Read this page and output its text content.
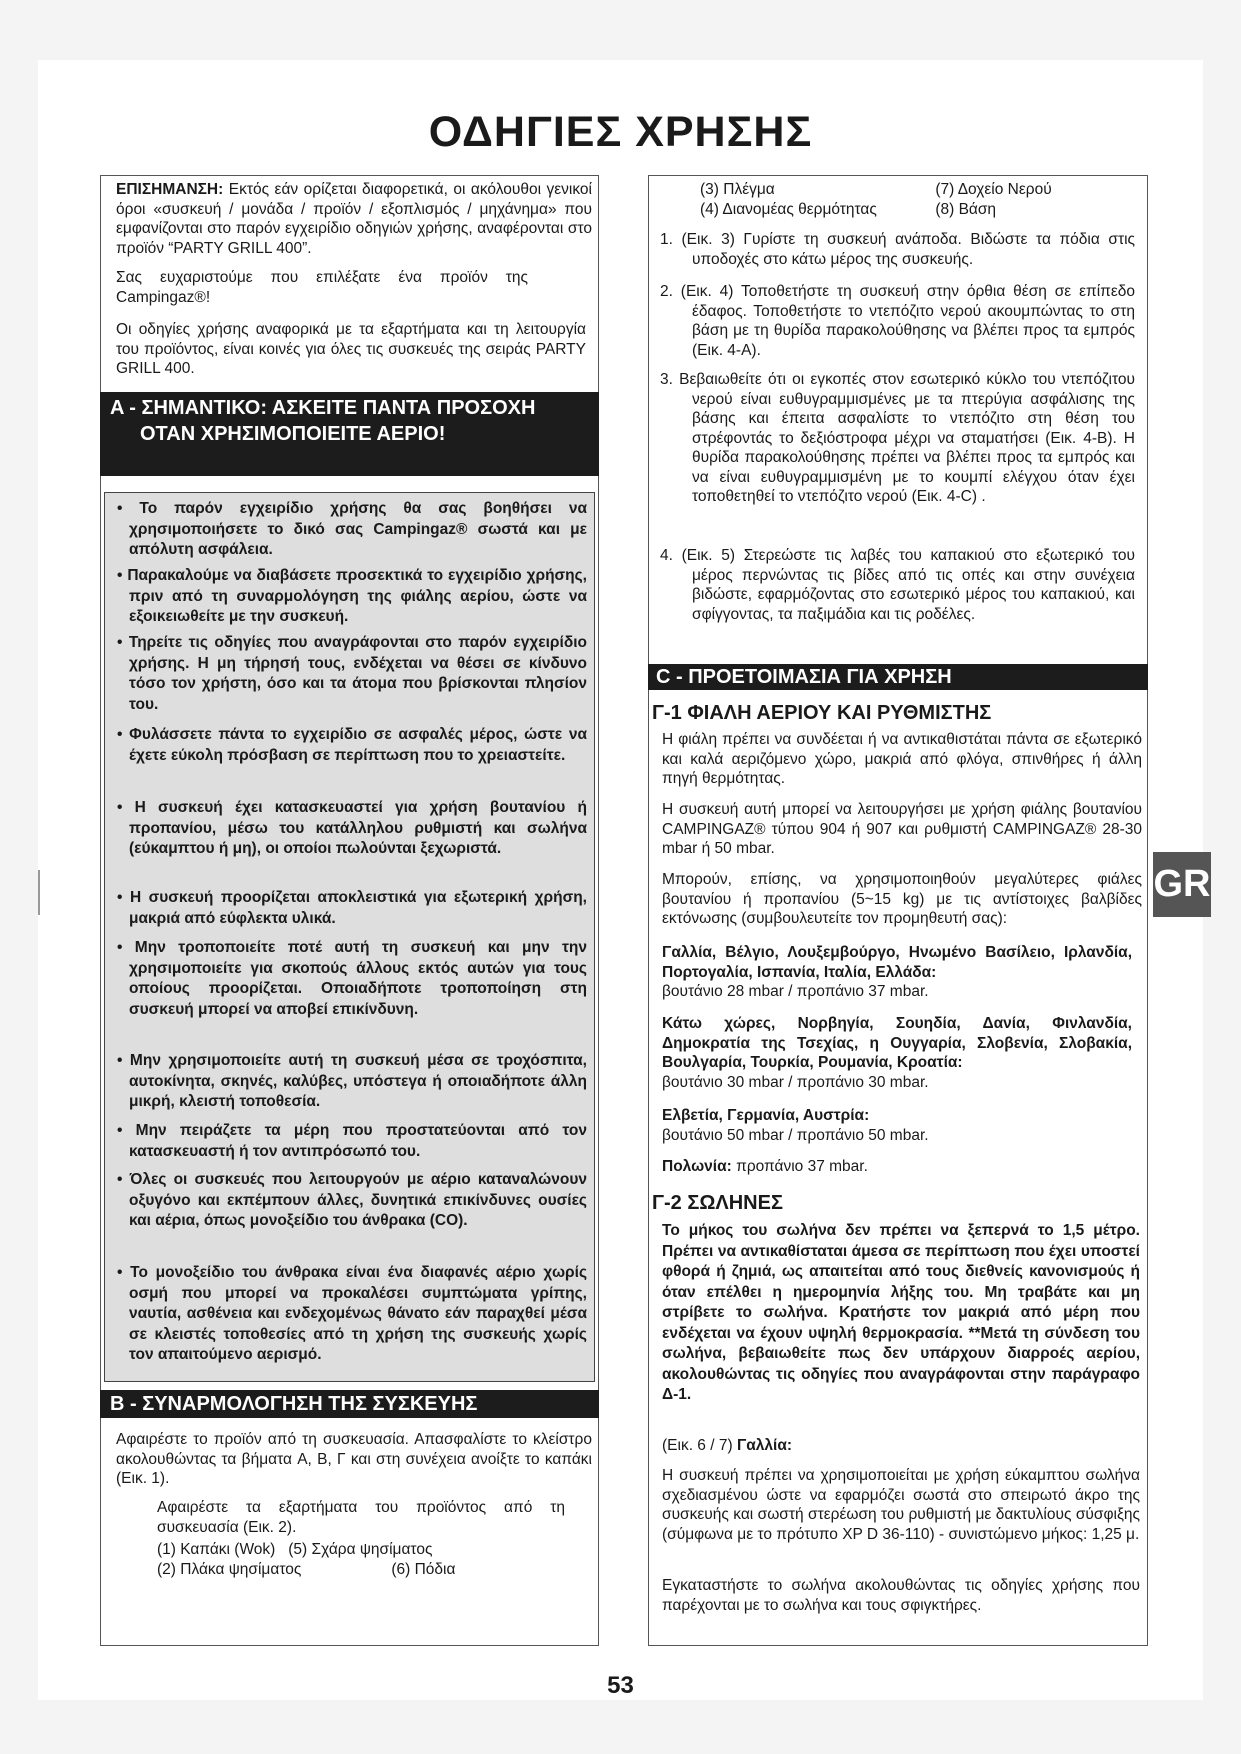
ΟΔΗΓΙΕΣ ΧΡΗΣΗΣ
ΕΠΙΣΗΜΑΝΣΗ: Εκτός εάν ορίζεται διαφορετικά, οι ακόλουθοι γενικοί όροι «συσκευή / μονάδα / προϊόν / εξοπλισμός / μηχάνημα» που εμφανίζονται στο παρόν εγχειρίδιο οδηγιών χρήσης, αναφέρονται στο προϊόν “PARTY GRILL 400”.

Σας ευχαριστούμε που επιλέξατε ένα προϊόν της Campingaz®!

Οι οδηγίες χρήσης αναφορικά με τα εξαρτήματα και τη λειτουργία του προϊόντος, είναι κοινές για όλες τις συσκευές της σειράς PARTY GRILL 400.

A - ΣΗΜΑΝΤΙΚΟ: ΑΣΚΕΙΤΕ ΠΑΝΤΑ ΠΡΟΣΟΧΗ ΟΤΑΝ ΧΡΗΣΙΜΟΠΟΙΕΙΤΕ ΑΕΡΙΟ!

• Το παρόν εγχειρίδιο χρήσης θα σας βοηθήσει να χρησιμοποιήσετε το δικό σας Campingaz® σωστά και με απόλυτη ασφάλεια.

• Παρακαλούμε να διαβάσετε προσεκτικά το εγχειρίδιο χρήσης, πριν από τη συναρμολόγηση της φιάλης αερίου, ώστε να εξοικειωθείτε με την συσκευή.

• Τηρείτε τις οδηγίες που αναγράφονται στο παρόν εγχειρίδιο χρήσης. Η μη τήρησή τους, ενδέχεται να θέσει σε κίνδυνο τόσο τον χρήστη, όσο και τα άτομα που βρίσκονται πλησίον του.

• Φυλάσσετε πάντα το εγχειρίδιο σε ασφαλές μέρος, ώστε να έχετε εύκολη πρόσβαση σε περίπτωση που το χρειαστείτε.

• Η συσκευή έχει κατασκευαστεί για χρήση βουτανίου ή προπανίου, μέσω του κατάλληλου ρυθμιστή και σωλήνα (εύκαμπτου ή μη), οι οποίοι πωλούνται ξεχωριστά.

• Η συσκευή προορίζεται αποκλειστικά για εξωτερική χρήση, μακριά από εύφλεκτα υλικά.

• Μην τροποποιείτε ποτέ αυτή τη συσκευή και μην την χρησιμοποιείτε για σκοπούς άλλους εκτός αυτών για τους οποίους προορίζεται. Οποιαδήποτε τροποποίηση στη συσκευή μπορεί να αποβεί επικίνδυνη.

• Μην χρησιμοποιείτε αυτή τη συσκευή μέσα σε τροχόσπιτα, αυτοκίνητα, σκηνές, καλύβες, υπόστεγα ή οποιαδήποτε άλλη μικρή, κλειστή τοποθεσία.

• Μην πειράζετε τα μέρη που προστατεύονται από τον κατασκευαστή ή τον αντιπρόσωπό του.

• Όλες οι συσκευές που λειτουργούν με αέριο καταναλώνουν οξυγόνο και εκπέμπουν άλλες, δυνητικά επικίνδυνες ουσίες και αέρια, όπως μονοξείδιο του άνθρακα (CO).

• Το μονοξείδιο του άνθρακα είναι ένα διαφανές αέριο χωρίς οσμή που μπορεί να προκαλέσει συμπτώματα γρίπης, ναυτία, ασθένεια και ενδεχομένως θάνατο εάν παραχθεί μέσα σε κλειστές τοποθεσίες από τη χρήση της συσκευής χωρίς τον απαιτούμενο αερισμό.

B - ΣΥΝΑΡΜΟΛΟΓΗΣΗ ΤΗΣ ΣΥΣΚΕΥΗΣ

Αφαιρέστε το προϊόν από τη συσκευασία. Απασφαλίστε το κλείστρο ακολουθώντας τα βήματα A, B, Γ και στη συνέχεια ανοίξτε το καπάκι (Εικ. 1).

Αφαιρέστε τα εξαρτήματα του προϊόντος από τη συσκευασία (Εικ. 2).

(1) Καπάκι (Wok) (5) Σχάρα ψησίματος
(2) Πλάκα ψησίματος	(6) Πόδια
(3) Πλέγμα	(7) Δοχείο Νερού
(4) Διανομέας θερμότητας	(8) Βάση

1. (Εικ. 3) Γυρίστε τη συσκευή ανάποδα. Βιδώστε τα πόδια στις υποδοχές στο κάτω μέρος της συσκευής.

2. (Εικ. 4) Τοποθετήστε τη συσκευή στην όρθια θέση σε επίπεδο έδαφος. Τοποθετήστε το ντεπόζιτο νερού ακουμπώντας το στη βάση με τη θυρίδα παρακολούθησης να βλέπει προς τα εμπρός (Εικ. 4-A).

3. Βεβαιωθείτε ότι οι εγκοπές στον εσωτερικό κύκλο του ντεπόζιτου νερού είναι ευθυγραμμισμένες με τα πτερύγια ασφάλισης της βάσης και έπειτα ασφαλίστε το ντεπόζιτο στη θέση του στρέφοντάς το δεξιόστροφα μέχρι να σταματήσει (Εικ. 4-B). Η θυρίδα παρακολούθησης πρέπει να βλέπει προς τα εμπρός και να είναι ευθυγραμμισμένη με το κουμπί ελέγχου όταν έχει τοποθετηθεί το ντεπόζιτο νερού (Εικ. 4-C) .

4. (Εικ. 5) Στερεώστε τις λαβές του καπακιού στο εξωτερικό του μέρος περνώντας τις βίδες από τις οπές και στην συνέχεια βιδώστε, εφαρμόζοντας στο εσωτερικό μέρος του καπακιού, και σφίγγοντας, τα παξιμάδια και τις ροδέλες.

C - ΠΡΟΕΤΟΙΜΑΣΙΑ ΓΙΑ ΧΡΗΣΗ
Γ-1 ΦΙΑΛΗ ΑΕΡΙΟΥ ΚΑΙ ΡΥΘΜΙΣΤΗΣ

Η φιάλη πρέπει να συνδέεται ή να αντικαθιστάται πάντα σε εξωτερικό και καλά αεριζόμενο χώρο, μακριά από φλόγα, σπινθήρες ή άλλη πηγή θερμότητας.

Η συσκευή αυτή μπορεί να λειτουργήσει με χρήση φιάλης βουτανίου CAMPINGAZ® τύπου 904 ή 907 και ρυθμιστή CAMPINGAZ® 28-30 mbar ή 50 mbar.

Μπορούν, επίσης, να χρησιμοποιηθούν μεγαλύτερες φιάλες βουτανίου ή προπανίου (5~15 kg) με τις αντίστοιχες βαλβίδες εκτόνωσης (συμβουλευτείτε τον προμηθευτή σας):

Γαλλία, Βέλγιο, Λουξεμβούργο, Ηνωμένο Βασίλειο, Ιρλανδία, Πορτογαλία, Ισπανία, Ιταλία, Ελλάδα:
βουτάνιο 28 mbar / προπάνιο 37 mbar.
Κάτω χώρες, Νορβηγία, Σουηδία, Δανία, Φινλανδία, Δημοκρατία της Τσεχίας, η Ουγγαρία, Σλοβενία, Σλοβακία, Βουλγαρία, Τουρκία, Ρουμανία, Κροατία:
βουτάνιο 30 mbar / προπάνιο 30 mbar.
Ελβετία, Γερμανία, Αυστρία:
βουτάνιο 50 mbar / προπάνιο 50 mbar.
Πολωνία: προπάνιο 37 mbar.
Γ-2 ΣΩΛΗΝΕΣ

Το μήκος του σωλήνα δεν πρέπει να ξεπερνά το 1,5 μέτρο. Πρέπει να αντικαθίσταται άμεσα σε περίπτωση που έχει υποστεί φθορά ή ζημιά, ως απαιτείται από τους διεθνείς κανονισμούς ή όταν επέλθει η ημερομηνία λήξης του. Μη τραβάτε και μη στρίβετε το σωλήνα. Κρατήστε τον μακριά από μέρη που ενδέχεται να έχουν υψηλή θερμοκρασία. **Μετά τη σύνδεση του σωλήνα, βεβαιωθείτε πως δεν υπάρχουν διαρροές αερίου, ακολουθώντας τις οδηγίες που αναγράφονται στην παράγραφο Δ-1.

(Εικ. 6 / 7) Γαλλία:

Η συσκευή πρέπει να χρησιμοποιείται με χρήση εύκαμπτου σωλήνα σχεδιασμένου ώστε να εφαρμόζει σωστά στο σπειρωτό άκρο της συσκευής και σωστή στερέωση του ρυθμιστή με δακτυλίους σύσφιξης (σύμφωνα με το πρότυπο XP D 36-110) - συνιστώμενο μήκος: 1,25 μ.

Εγκαταστήστε το σωλήνα ακολουθώντας τις οδηγίες χρήσης που παρέχονται με το σωλήνα και τους σφιγκτήρες.

GR
53
